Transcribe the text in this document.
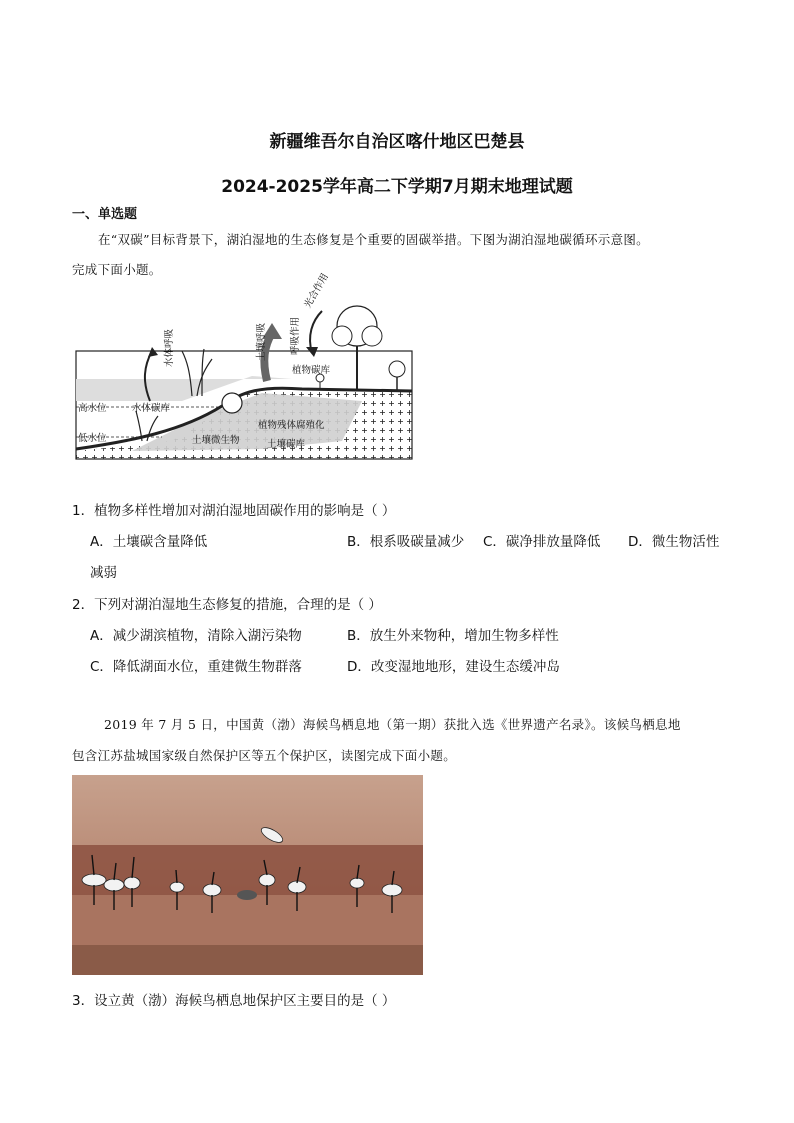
新疆维吾尔自治区喀什地区巴楚县
2024-2025学年高二下学期7月期末地理试题
一、单选题
在“双碳”目标背景下，湖泊湿地的生态修复是个重要的固碳举措。下图为湖泊湿地碳循环示意图。
完成下面小题。
光合作用
土壤呼吸 呼吸作用
水体呼吸
植物碳库
高水位	水体碳库
低水位
植物残体腐殖化
土壤微生物	土壤碳库
1．植物多样性增加对湖泊湿地固碳作用的影响是（ ）
A．土壤碳含量降低	B．根系吸碳量减少 C．碳净排放量降低 D．微生物活性
减弱
2．下列对湖泊湿地生态修复的措施，合理的是（ ）
A．减少湖滨植物，清除入湖污染物	B．放生外来物种，增加生物多样性
C．降低湖面水位，重建微生物群落	D．改变湿地地形，建设生态缓冲岛
2019 年 7 月 5 日，中国黄（渤）海候鸟栖息地（第一期）获批入选《世界遗产名录》。该候鸟栖息地
包含江苏盐城国家级自然保护区等五个保护区，读图完成下面小题。
3．设立黄（渤）海候鸟栖息地保护区主要目的是（ ）
